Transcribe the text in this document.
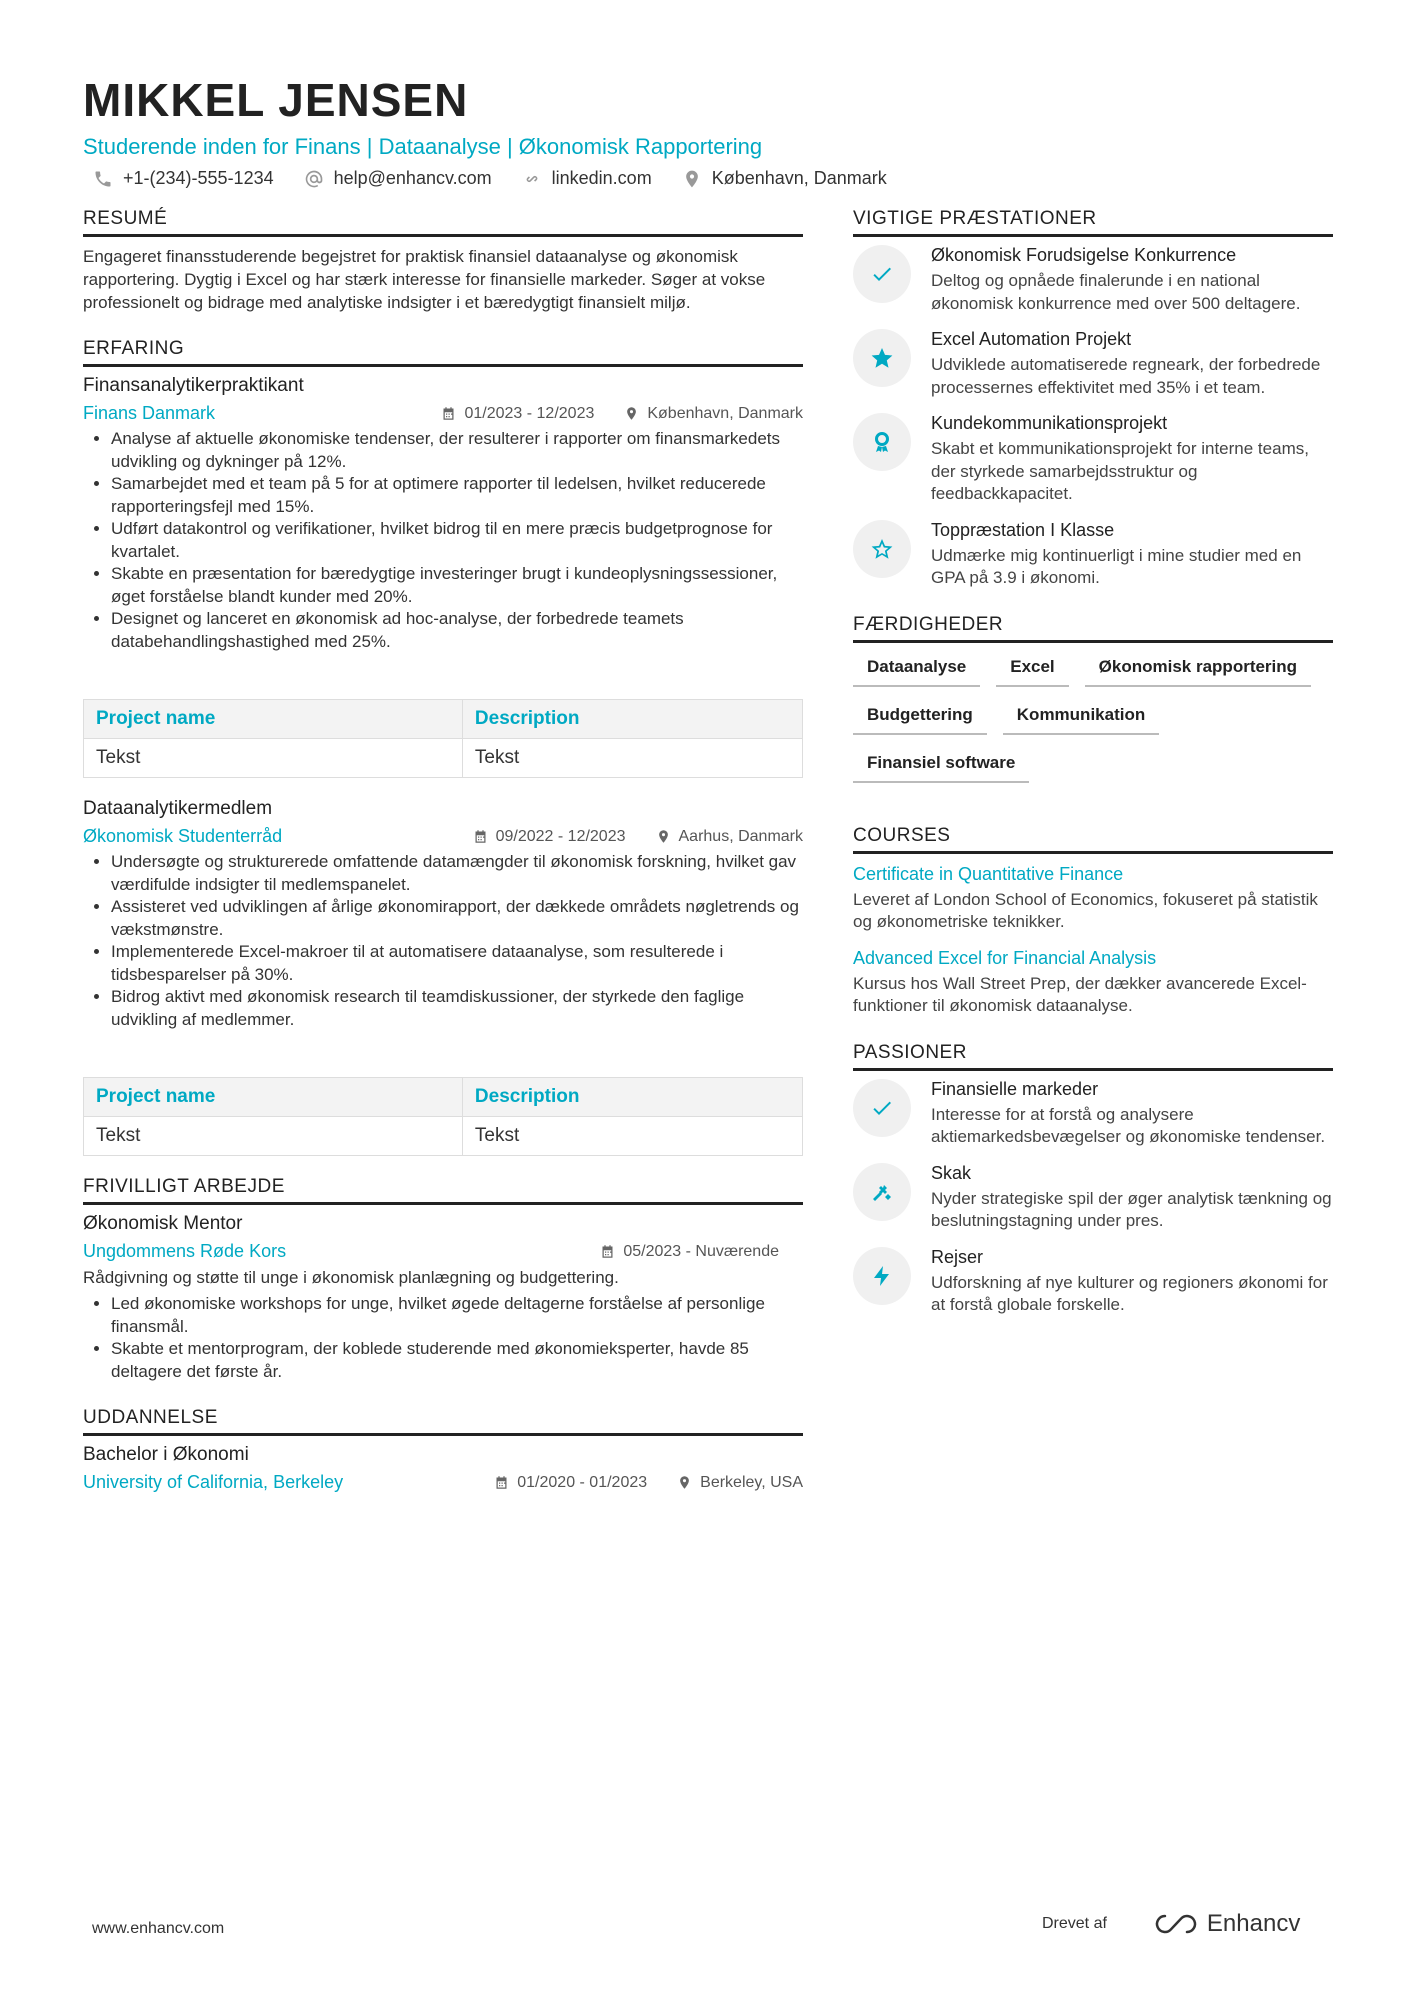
MIKKEL JENSEN
Studerende inden for Finans | Dataanalyse | Økonomisk Rapportering
+1-(234)-555-1234	help@enhancv.com	linkedin.com	København, Danmark
RESUMÉ
Engageret finansstuderende begejstret for praktisk finansiel dataanalyse og økonomisk rapportering. Dygtig i Excel og har stærk interesse for finansielle markeder. Søger at vokse professionelt og bidrage med analytiske indsigter i et bæredygtigt finansielt miljø.
ERFARING
Finansanalytikerpraktikant
Finans Danmark	01/2023 - 12/2023	København, Danmark
• Analyse af aktuelle økonomiske tendenser, der resulterer i rapporter om finansmarkedets udvikling og dykninger på 12%.
• Samarbejdet med et team på 5 for at optimere rapporter til ledelsen, hvilket reducerede rapporteringsfejl med 15%.
• Udført datakontrol og verifikationer, hvilket bidrog til en mere præcis budgetprognose for kvartalet.
• Skabte en præsentation for bæredygtige investeringer brugt i kundeoplysningssessioner, øget forståelse blandt kunder med 20%.
• Designet og lanceret en økonomisk ad hoc-analyse, der forbedrede teamets databehandlingshastighed med 25%.
Project name	Description
Tekst	Tekst
Dataanalytikermedlem
Økonomisk Studenterråd	09/2022 - 12/2023	Aarhus, Danmark
• Undersøgte og strukturerede omfattende datamængder til økonomisk forskning, hvilket gav værdifulde indsigter til medlemspanelet.
• Assisteret ved udviklingen af årlige økonomirapport, der dækkede områdets nøgletrends og vækstmønstre.
• Implementerede Excel-makroer til at automatisere dataanalyse, som resulterede i tidsbesparelser på 30%.
• Bidrog aktivt med økonomisk research til teamdiskussioner, der styrkede den faglige udvikling af medlemmer.
Project name	Description
Tekst	Tekst
FRIVILLIGT ARBEJDE
Økonomisk Mentor
Ungdommens Røde Kors	05/2023 - Nuværende
Rådgivning og støtte til unge i økonomisk planlægning og budgettering.
• Led økonomiske workshops for unge, hvilket øgede deltagerne forståelse af personlige finansmål.
• Skabte et mentorprogram, der koblede studerende med økonomieksperter, havde 85 deltagere det første år.
UDDANNELSE
Bachelor i Økonomi
University of California, Berkeley	01/2020 - 01/2023	Berkeley, USA
VIGTIGE PRÆSTATIONER
Økonomisk Forudsigelse Konkurrence
Deltog og opnåede finalerunde i en national økonomisk konkurrence med over 500 deltagere.
Excel Automation Projekt
Udviklede automatiserede regneark, der forbedrede processernes effektivitet med 35% i et team.
Kundekommunikationsprojekt
Skabt et kommunikationsprojekt for interne teams, der styrkede samarbejdsstruktur og feedbackkapacitet.
Toppræstation I Klasse
Udmærke mig kontinuerligt i mine studier med en GPA på 3.9 i økonomi.
FÆRDIGHEDER
Dataanalyse	Excel	Økonomisk rapportering
Budgettering	Kommunikation
Finansiel software
COURSES
Certificate in Quantitative Finance
Leveret af London School of Economics, fokuseret på statistik og økonometriske teknikker.
Advanced Excel for Financial Analysis
Kursus hos Wall Street Prep, der dækker avancerede Excel-funktioner til økonomisk dataanalyse.
PASSIONER
Finansielle markeder
Interesse for at forstå og analysere aktiemarkedsbevægelser og økonomiske tendenser.
Skak
Nyder strategiske spil der øger analytisk tænkning og beslutningstagning under pres.
Rejser
Udforskning af nye kulturer og regioners økonomi for at forstå globale forskelle.
www.enhancv.com	Drevet af	Enhancv
